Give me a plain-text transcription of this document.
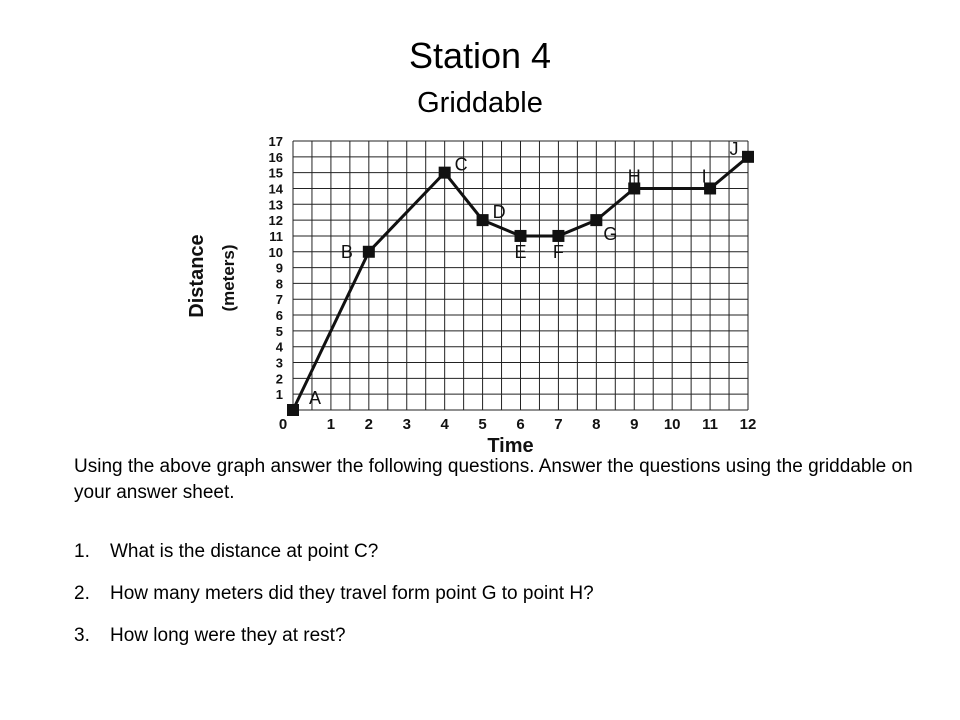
Station 4
Griddable
1
2
3
4
5
6
7
8
9
10
11
12
13
14
15
16
17
0	1 2 3 4 5 6 7 8 9 10 11 12
Time
Distance (meters)
A
B
C
D
E F
G
H	I
J
Using the above graph answer the following questions. Answer the questions using the griddable on your answer sheet.
1.	What is the distance at point C?
2.	How many meters did they travel form point G to point H?
3.	How long were they at rest?
